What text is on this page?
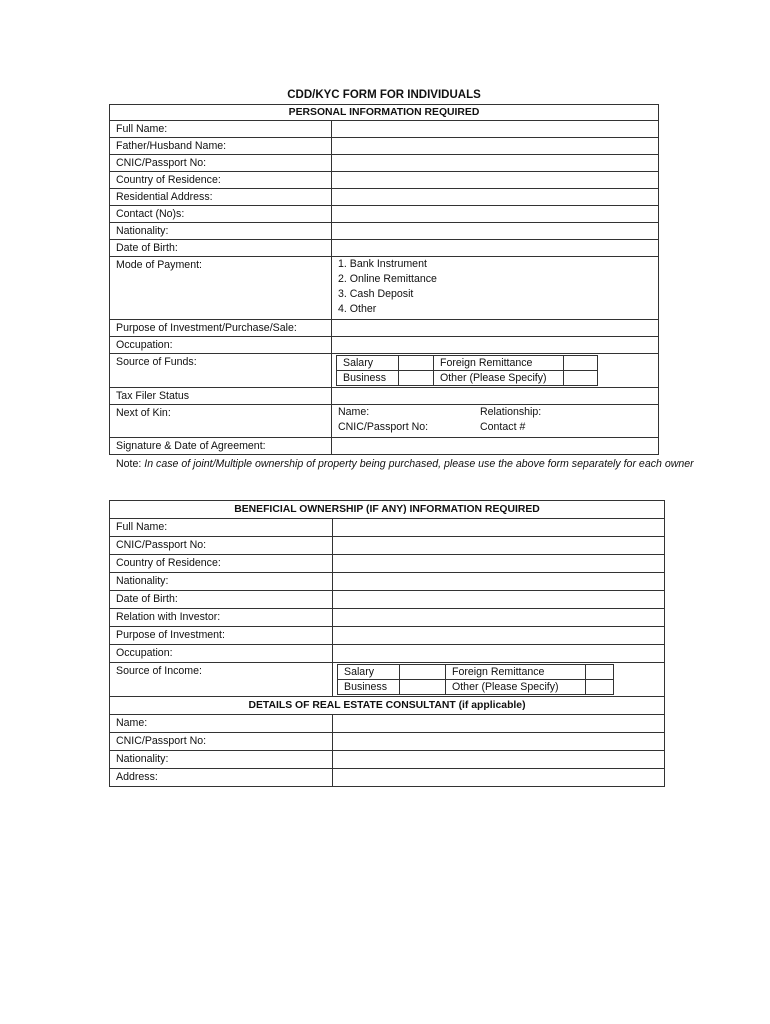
CDD/KYC FORM FOR INDIVIDUALS
PERSONAL INFORMATION REQUIRED
Full Name:	
Father/Husband Name:	
CNIC/Passport No:	
Country of Residence:	
Residential Address:	
Contact (No)s:	
Nationality:	
Date of Birth:	
Mode of Payment:	1. Bank Instrument
2. Online Remittance
3. Cash Deposit
4. Other

Purpose of Investment/Purchase/Sale:	
Occupation:	
Source of Funds:		Salary		Foreign Remittance	
Business		Other (Please Specify)	

Tax Filer Status	
Next of Kin:	Name:	Relationship:
CNIC/Passport No:	Contact #

Signature & Date of Agreement:	
Note: In case of joint/Multiple ownership of property being purchased, please use the above form separately for each owner
BENEFICIAL OWNERSHIP (IF ANY) INFORMATION REQUIRED
Full Name:	
CNIC/Passport No:	
Country of Residence:	
Nationality:	
Date of Birth:	
Relation with Investor:	
Purpose of Investment:	
Occupation:	
Source of Income:		Salary		Foreign Remittance	
Business		Other (Please Specify)	

DETAILS OF REAL ESTATE CONSULTANT (if applicable)
Name:	
CNIC/Passport No:	
Nationality:	
Address:	
